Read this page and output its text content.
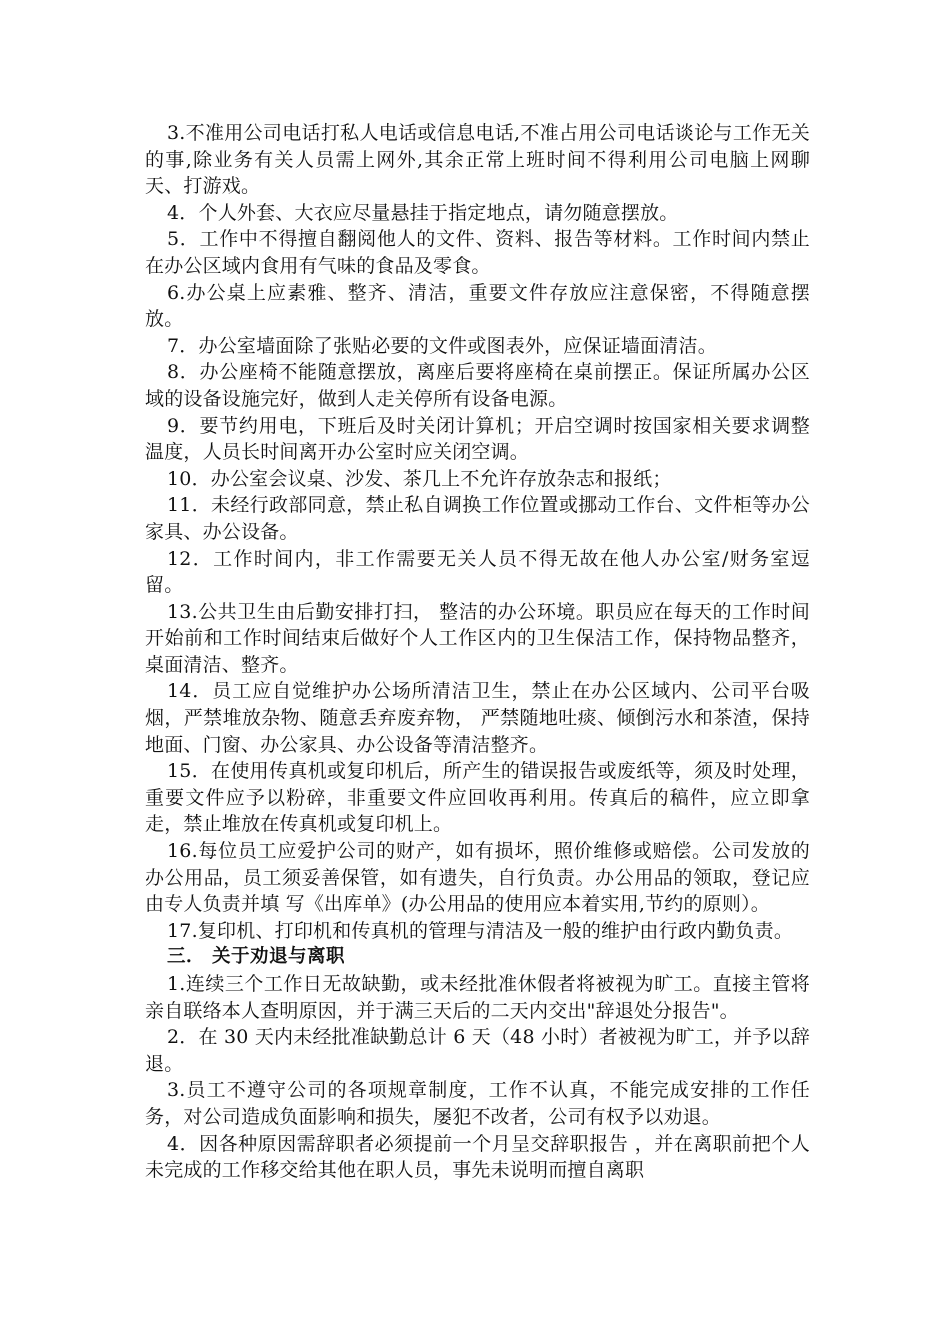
3.不准用公司电话打私人电话或信息电话,不准占用公司电话谈论与工作无关的事,除业务有关人员需上网外,其余正常上班时间不得利用公司电脑上网聊天、打游戏。

4．个人外套、大衣应尽量悬挂于指定地点，请勿随意摆放。

5．工作中不得擅自翻阅他人的文件、资料、报告等材料。工作时间内禁止在办公区域内食用有气味的食品及零食。

6.办公桌上应素雅、整齐、清洁，重要文件存放应注意保密，不得随意摆放。

7．办公室墙面除了张贴必要的文件或图表外，应保证墙面清洁。

8．办公座椅不能随意摆放，离座后要将座椅在桌前摆正。保证所属办公区域的设备设施完好，做到人走关停所有设备电源。

9．要节约用电，下班后及时关闭计算机；开启空调时按国家相关要求调整温度，人员长时间离开办公室时应关闭空调。

10．办公室会议桌、沙发、茶几上不允许存放杂志和报纸；

11．未经行政部同意，禁止私自调换工作位置或挪动工作台、文件柜等办公家具、办公设备。

12．工作时间内，非工作需要无关人员不得无故在他人办公室/财务室逗留。

13.公共卫生由后勤安排打扫， 整洁的办公环境。职员应在每天的工作时间开始前和工作时间结束后做好个人工作区内的卫生保洁工作，保持物品整齐，桌面清洁、整齐。

14．员工应自觉维护办公场所清洁卫生，禁止在办公区域内、公司平台吸烟，严禁堆放杂物、随意丢弃废弃物， 严禁随地吐痰、倾倒污水和茶渣，保持地面、门窗、办公家具、办公设备等清洁整齐。

15．在使用传真机或复印机后，所产生的错误报告或废纸等，须及时处理，重要文件应予以粉碎，非重要文件应回收再利用。传真后的稿件，应立即拿走，禁止堆放在传真机或复印机上。

16.每位员工应爱护公司的财产，如有损坏，照价维修或赔偿。公司发放的办公用品，员工须妥善保管，如有遗失，自行负责。办公用品的领取，登记应由专人负责并填 写《出库单》(办公用品的使用应本着实用,节约的原则）。

17.复印机、打印机和传真机的管理与清洁及一般的维护由行政内勤负责。

三． 关于劝退与离职

1.连续三个工作日无故缺勤，或未经批准休假者将被视为旷工。直接主管将亲自联络本人查明原因，并于满三天后的二天内交出"辞退处分报告"。

2．在 30 天内未经批准缺勤总计 6 天（48 小时）者被视为旷工，并予以辞退。

3.员工不遵守公司的各项规章制度，工作不认真，不能完成安排的工作任务，对公司造成负面影响和损失，屡犯不改者，公司有权予以劝退。

4．因各种原因需辞职者必须提前一个月呈交辞职报告 ，并在离职前把个人未完成的工作移交给其他在职人员，事先未说明而擅自离职
